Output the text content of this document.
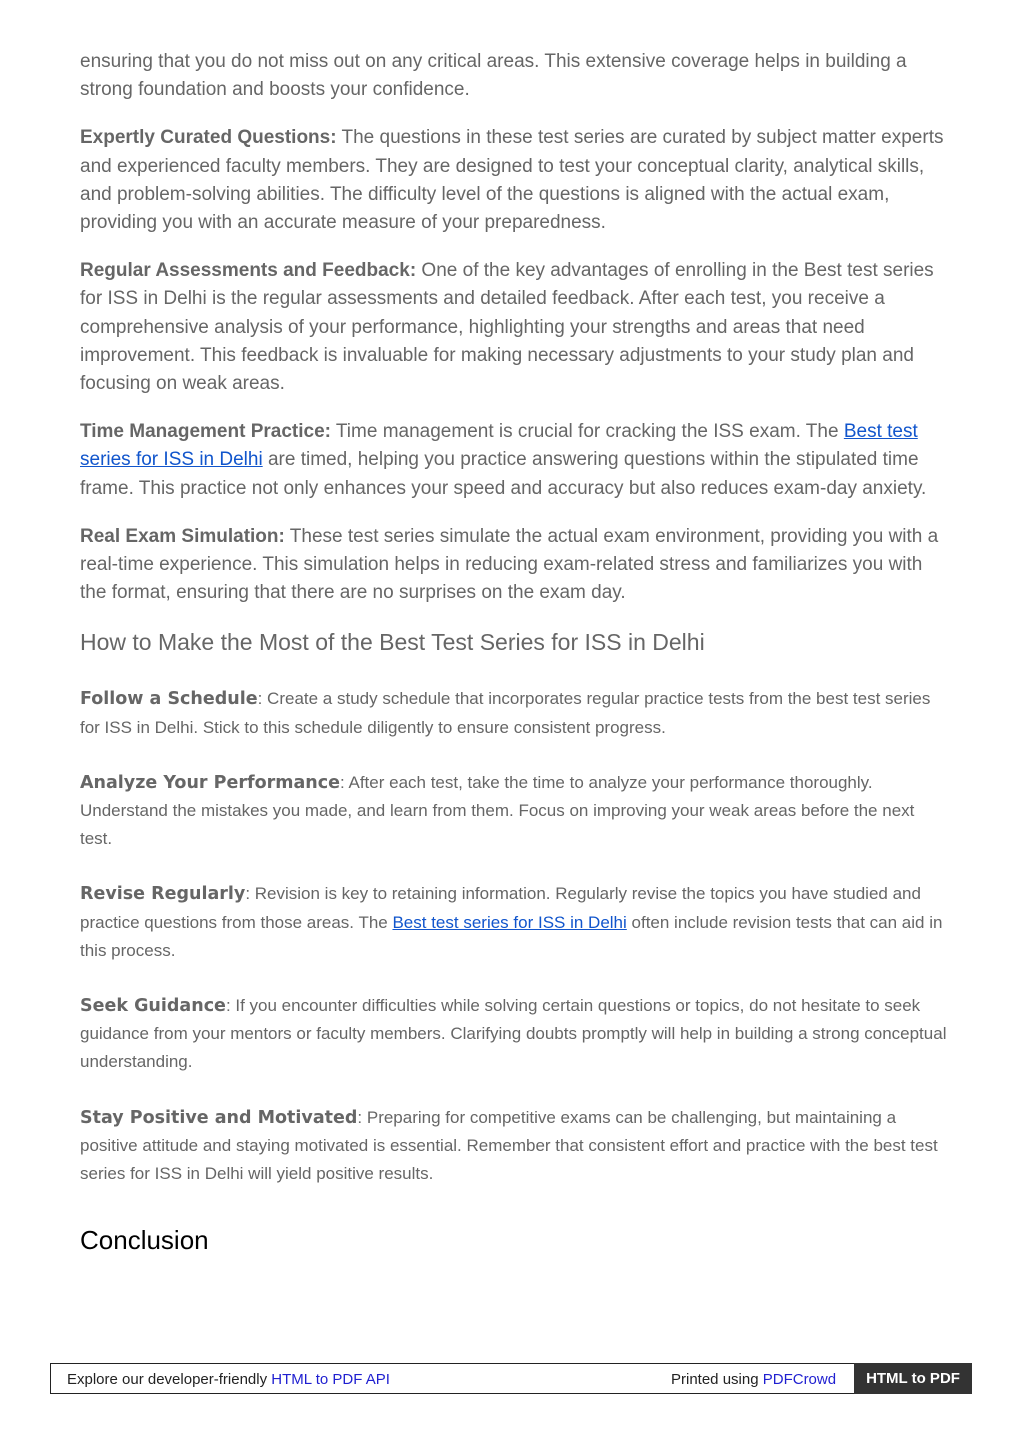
ensuring that you do not miss out on any critical areas. This extensive coverage helps in building a strong foundation and boosts your confidence.

Expertly Curated Questions: The questions in these test series are curated by subject matter experts and experienced faculty members. They are designed to test your conceptual clarity, analytical skills, and problem-solving abilities. The difficulty level of the questions is aligned with the actual exam, providing you with an accurate measure of your preparedness.

Regular Assessments and Feedback: One of the key advantages of enrolling in the Best test series for ISS in Delhi is the regular assessments and detailed feedback. After each test, you receive a comprehensive analysis of your performance, highlighting your strengths and areas that need improvement. This feedback is invaluable for making necessary adjustments to your study plan and focusing on weak areas.

Time Management Practice: Time management is crucial for cracking the ISS exam. The Best test series for ISS in Delhi are timed, helping you practice answering questions within the stipulated time frame. This practice not only enhances your speed and accuracy but also reduces exam-day anxiety.

Real Exam Simulation: These test series simulate the actual exam environment, providing you with a real-time experience. This simulation helps in reducing exam-related stress and familiarizes you with the format, ensuring that there are no surprises on the exam day.

How to Make the Most of the Best Test Series for ISS in Delhi

Follow a Schedule: Create a study schedule that incorporates regular practice tests from the best test series for ISS in Delhi. Stick to this schedule diligently to ensure consistent progress.

Analyze Your Performance: After each test, take the time to analyze your performance thoroughly. Understand the mistakes you made, and learn from them. Focus on improving your weak areas before the next test.

Revise Regularly: Revision is key to retaining information. Regularly revise the topics you have studied and practice questions from those areas. The Best test series for ISS in Delhi often include revision tests that can aid in this process.

Seek Guidance: If you encounter difficulties while solving certain questions or topics, do not hesitate to seek guidance from your mentors or faculty members. Clarifying doubts promptly will help in building a strong conceptual understanding.

Stay Positive and Motivated: Preparing for competitive exams can be challenging, but maintaining a positive attitude and staying motivated is essential. Remember that consistent effort and practice with the best test series for ISS in Delhi will yield positive results.

Conclusion
Explore our developer-friendly HTML to PDF API	Printed using PDFCrowd	HTML to PDF
